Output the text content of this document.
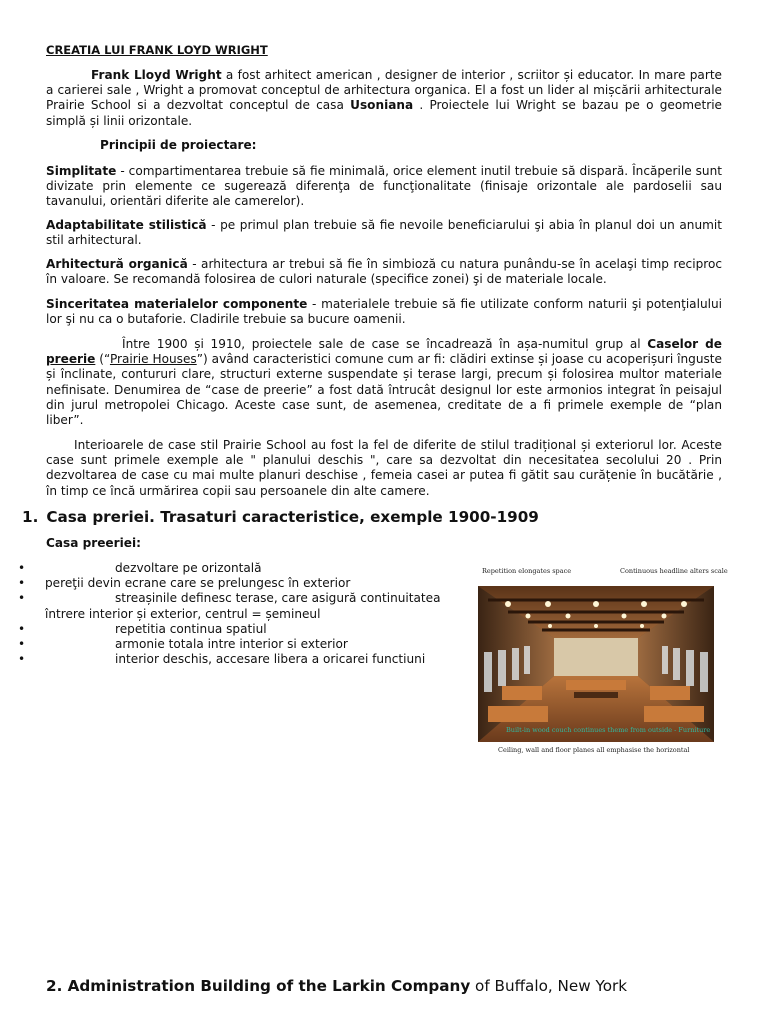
CREATIA LUI FRANK LOYD WRIGHT

Frank Lloyd Wright a fost arhitect american , designer de interior , scriitor și educator. In mare parte a carierei sale , Wright a promovat conceptul de arhitectura organica. El a fost un lider al mișcării arhitecturale Prairie School si a dezvoltat conceptul de casa Usoniana . Proiectele lui Wright se bazau pe o geometrie simplă și linii orizontale.

Principii de proiectare:

Simplitate - compartimentarea trebuie să fie minimală, orice element inutil trebuie să dispară. Încăperile sunt divizate prin elemente ce sugerează diferenţa de funcţionalitate (finisaje orizontale ale pardoselii sau tavanului, orientări diferite ale camerelor).

Adaptabilitate stilistică - pe primul plan trebuie să fie nevoile beneficiarului şi abia în planul doi un anumit stil arhitectural.

Arhitectură organică - arhitectura ar trebui să fie în simbioză cu natura punându-se în acelaşi timp reciproc în valoare. Se recomandă folosirea de culori naturale (specifice zonei) şi de materiale locale.

Sinceritatea materialelor componente - materialele trebuie să fie utilizate conform naturii şi potenţialului lor şi nu ca o butaforie. Cladirile trebuie sa bucure oamenii.

Între 1900 și 1910, proiectele sale de case se încadrează în așa-numitul grup al Caselor de preerie (“Prairie Houses”) având caracteristici comune cum ar fi: clădiri extinse și joase cu acoperișuri înguste și înclinate, contururi clare, structuri externe suspendate și terase largi, precum și folosirea multor materiale nefinisate. Denumirea de “case de preerie” a fost dată întrucât designul lor este armonios integrat în peisajul din jurul metropolei Chicago. Aceste case sunt, de asemenea, creditate de a fi primele exemple de “plan liber”.

Interioarele de case stil Prairie School au fost la fel de diferite de stilul tradițional și exteriorul lor. Aceste case sunt primele exemple ale " planului deschis ", care sa dezvoltat din necesitatea secolului 20 . Prin dezvoltarea de case cu mai multe planuri deschise , femeia casei ar putea fi gătit sau curățenie în bucătărie , în timp ce încă urmărirea copii sau persoanele din alte camere.

1. Casa preriei. Trasaturi caracteristice, exemple 1900-1909
Casa preeriei:
•	dezvoltare pe orizontală
• pereţii devin ecrane care se prelungesc în exterior
•	streașinile definesc terase, care asigură continuitatea întrere interior și exterior, centrul = șemineul
•	repetitia continua spatiul
•	armonie totala intre interior si exterior
•	interior deschis, accesare libera a oricarei functiuni
Repetition elongates space	Continuous headline alters scale
Built-in wood couch continues theme from outside - Furniture
Ceiling, wall and floor planes all emphasise the horizontal
2. Administration Building of the Larkin Company of Buffalo, New York
